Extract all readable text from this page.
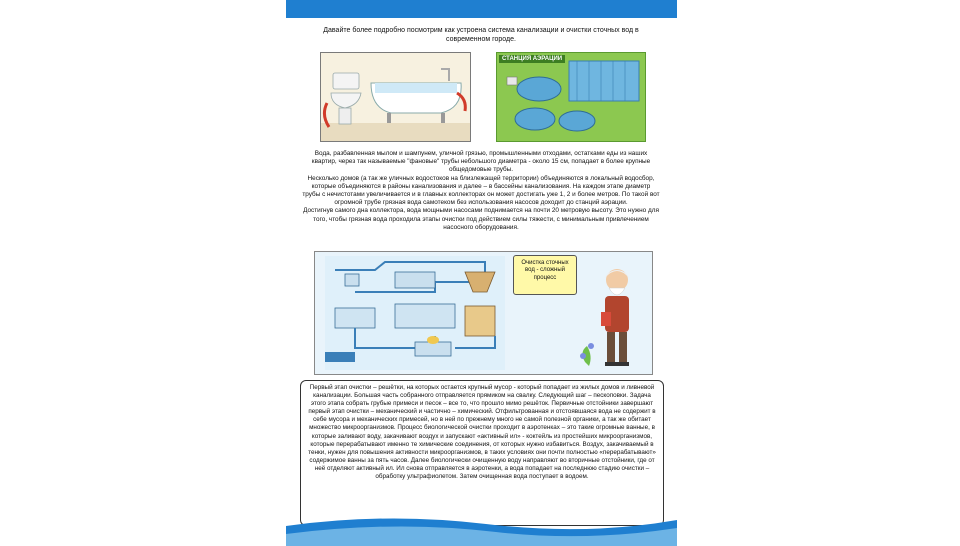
Давайте более подробно посмотрим как устроена система канализации и очистки сточных вод в современном городе.
СТАНЦИЯ АЭРАЦИИ

Вода, разбавленная мылом и шампунем, уличной грязью, промышленными отходами, остатками еды из наших квартир, через так называемые "фановые" трубы небольшого диаметра - около 15 см, попадает в более крупные общедомовые трубы.

Несколько домов (а так же уличных водостоков на близлежащей территории) объединяются в локальный водосбор, которые объединяются в районы канализования и далее – в бассейны канализования. На каждом этапе диаметр трубы с нечистотами увеличивается и в главных коллекторах он может достигать уже 1, 2 и более метров. По такой вот огромной трубе грязная вода самотеком без использования насосов доходит до станций аэрации.

Достигнув самого дна коллектора, вода мощными насосами поднимается на почти 20 метровую высоту. Это нужно для того, чтобы грязная вода проходила этапы очистки под действием силы тяжести, с минимальным привлечением насосного оборудования.

Очистка сточных вод - сложный процесс
Первый этап очистки – решётки, на которых остается крупный мусор - который попадает из жилых домов и ливневой канализации. Большая часть собранного отправляется прямиком на свалку. Следующий шаг – пескоповки. Задача этого этапа собрать грубые примеси и песок – все то, что прошло мимо решёток. Первичные отстойники завершают первый этап очистки – механический и частично – химический. Отфильтрованная и отстоявшаяся вода не содержит в себе мусора и механических примесей, но в ней по прежнему много не самой полезной органики, а так же обитает множество микроорганизмов. Процесс биологической очистки проходит в аэротенках – это такие огромные ванные, в которые заливают воду, закачивают воздух и запускают «активный ил» - коктейль из простейших микроорганизмов, которые перерабатывают именно те химические соединения, от которых нужно избавиться. Воздух, закачиваемый в тенки, нужен для повышения активности микроорганизмов, в таких условиях они почти полностью «перерабатывают» содержимое ванны за пять часов. Далее биологически очищенную воду направляют во вторичные отстойники, где от неё отделяют активный ил. Ил снова отправляется в аэротенки, а вода попадает на последнюю стадию очистки – обработку ультрафиолетом. Затем очищенная вода поступает в водоем.
